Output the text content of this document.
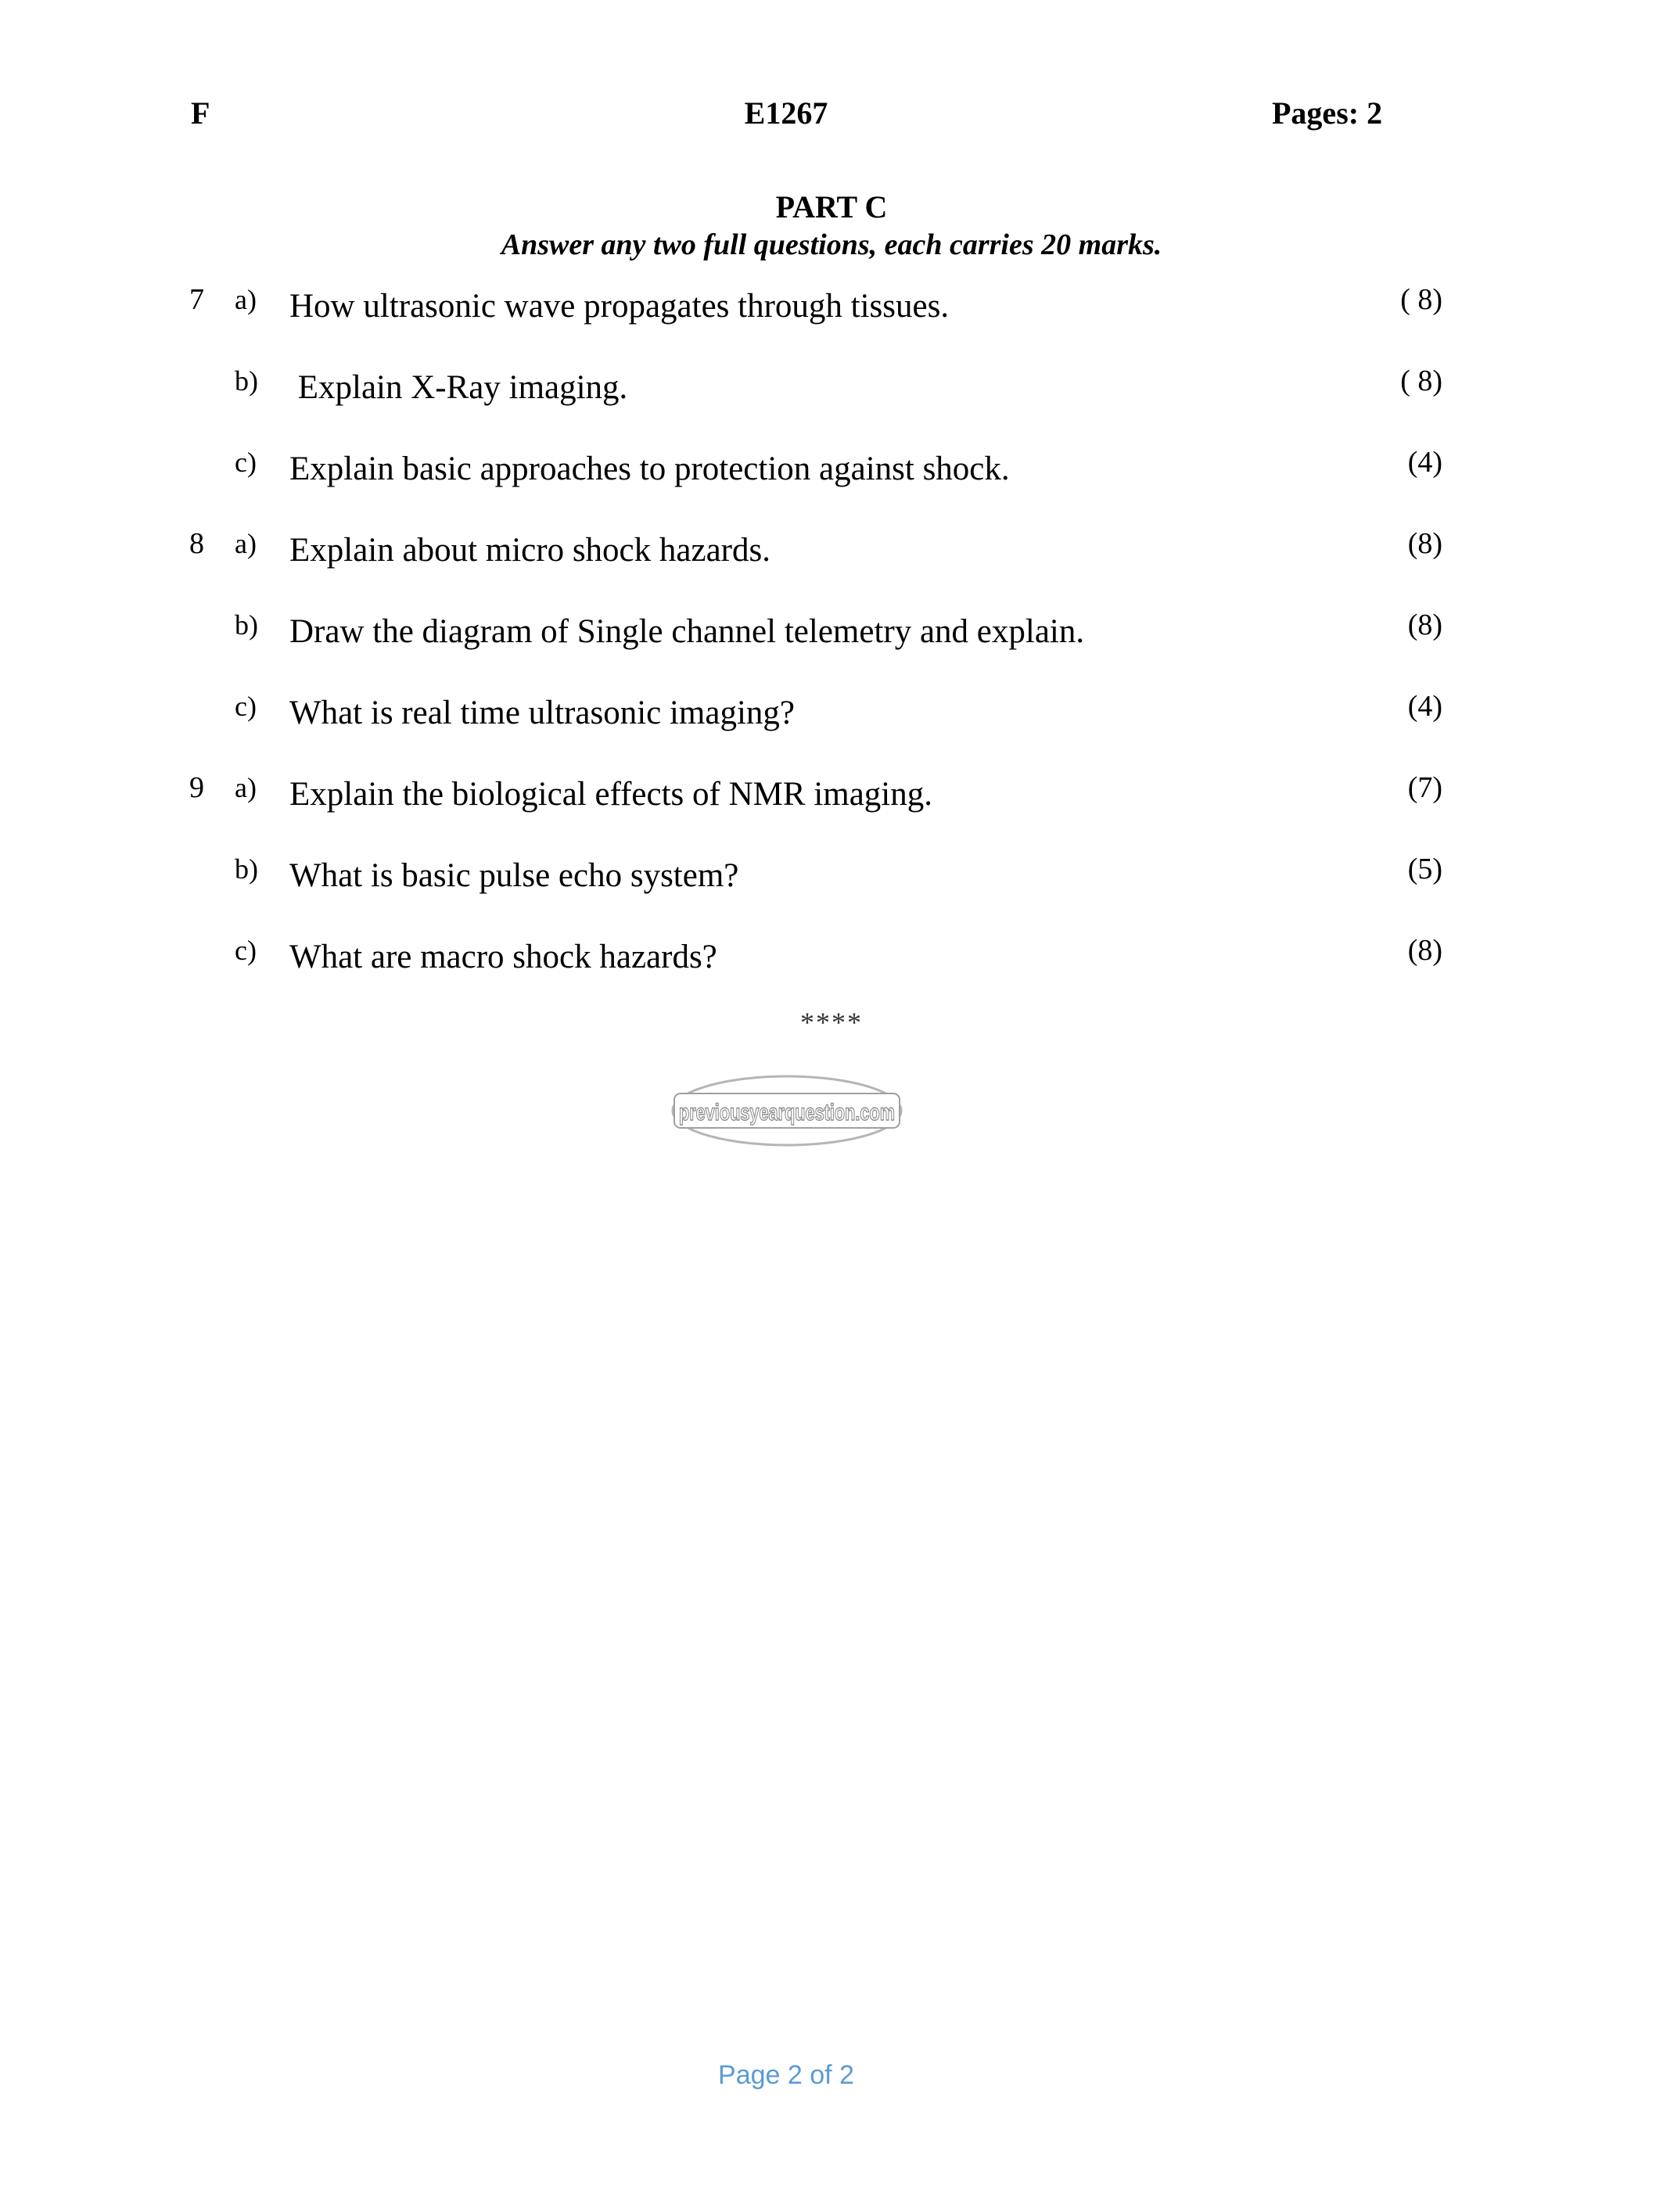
F	E1267	Pages: 2
PART C
Answer any two full questions, each carries 20 marks.
7 a) How ultrasonic wave propagates through tissues.	( 8)
b) Explain X-Ray imaging.	( 8)
c) Explain basic approaches to protection against shock.	(4)
8 a) Explain about micro shock hazards.	(8)
b) Draw the diagram of Single channel telemetry and explain.	(8)
c) What is real time ultrasonic imaging?	(4)
9 a) Explain the biological effects of NMR imaging.	(7)
b) What is basic pulse echo system?	(5)
c) What are macro shock hazards?	(8)
****
previousyearquestion.com
Page 2 of 2
